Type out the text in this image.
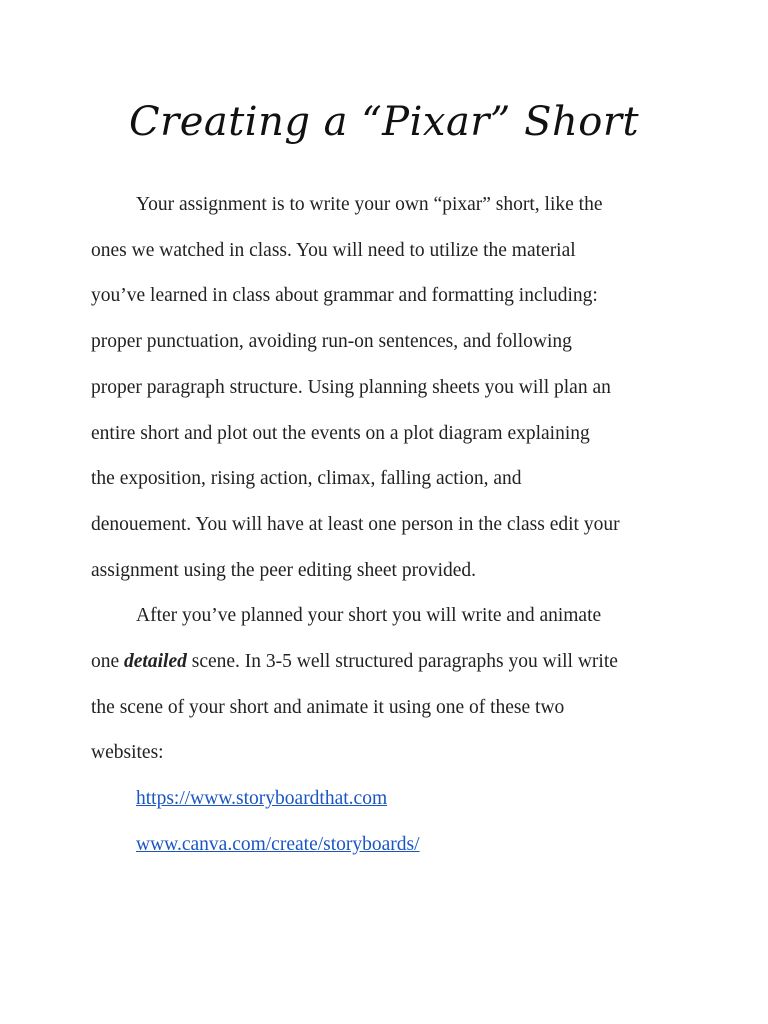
Creating a “Pixar” Short

Your assignment is to write your own “pixar” short, like the
ones we watched in class. You will need to utilize the material
you’ve learned in class about grammar and formatting including:
proper punctuation, avoiding run-on sentences, and following
proper paragraph structure. Using planning sheets you will plan an
entire short and plot out the events on a plot diagram explaining
the exposition, rising action, climax, falling action, and
denouement. You will have at least one person in the class edit your
assignment using the peer editing sheet provided.

After you’ve planned your short you will write and animate
one detailed scene. In 3-5 well structured paragraphs you will write
the scene of your short and animate it using one of these two
websites:

https://www.storyboardthat.com
www.canva.com/create/storyboards/
